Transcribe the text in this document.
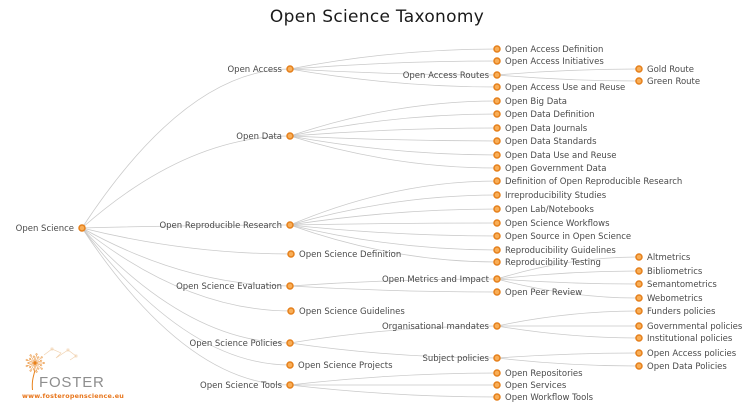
Open Science Taxonomy
Open Science
Open Access
Open Access Definition
Open Access Initiatives
Open Access Routes
Gold Route
Green Route
Open Access Use and Reuse
Open Data
Open Big Data
Open Data Definition
Open Data Journals
Open Data Standards
Open Data Use and Reuse
Open Government Data
Open Reproducible Research
Definition of Open Reproducible Research
Irreproducibility Studies
Open Lab/Notebooks
Open Science Workflows
Open Source in Open Science
Reproducibility Guidelines
Reproducibility Testing
Open Science Definition
Open Science Evaluation
Open Metrics and Impact
Altmetrics
Bibliometrics
Semantometrics
Webometrics
Open Peer Review
Open Science Guidelines
Open Science Policies
Organisational mandates
Funders policies
Governmental policies
Institutional policies
Subject policies	Open Access policies
Open Data Policies
Open Science Projects
Open Science Tools
Open Repositories
Open Services
Open Workflow Tools
FOSTER
www.fosteropenscience.eu
